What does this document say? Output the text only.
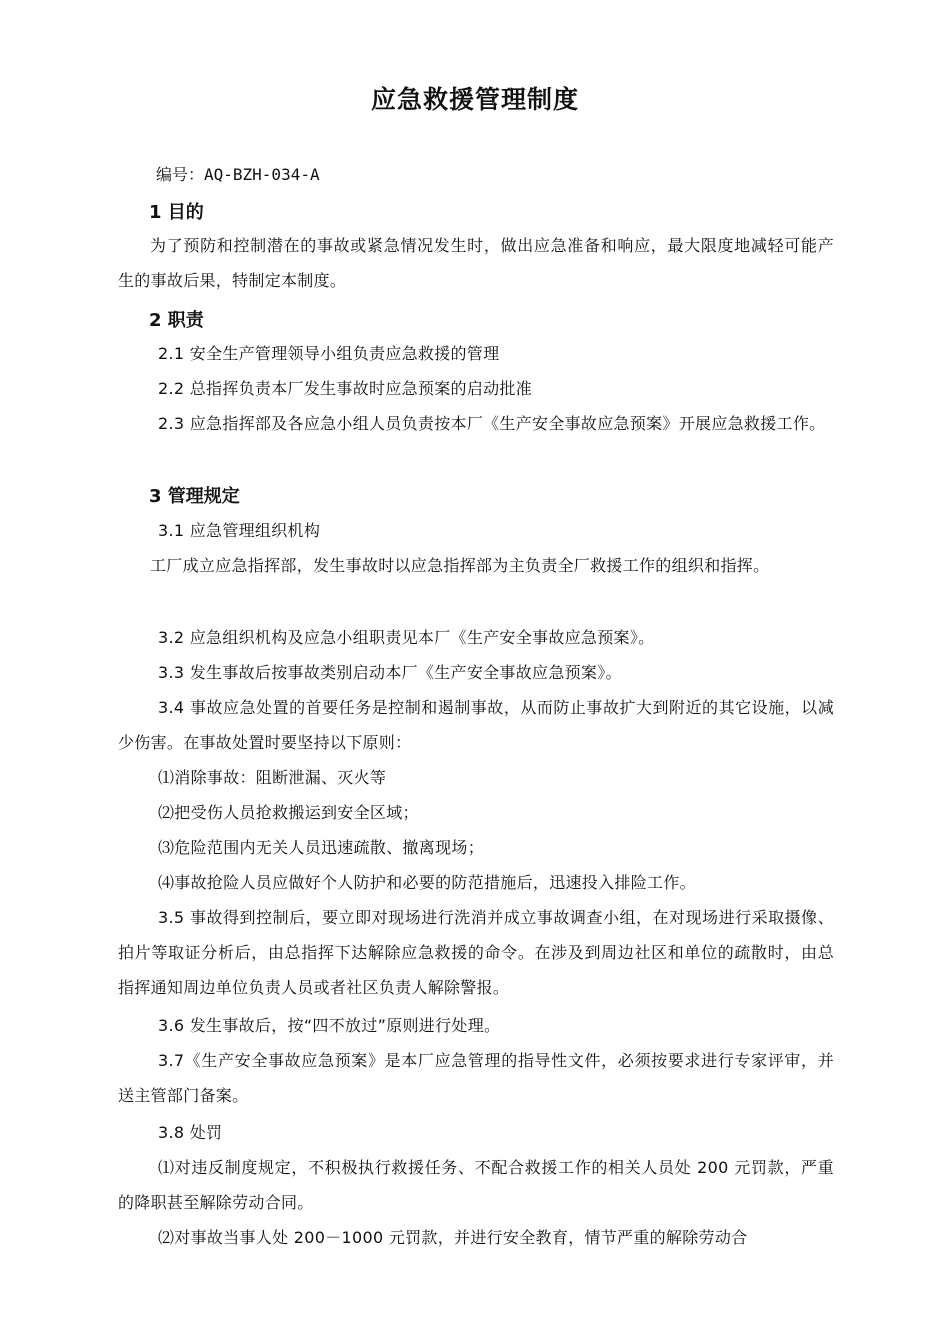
应急救援管理制度
编号：AQ-BZH-034-A
1 目的
为了预防和控制潜在的事故或紧急情况发生时，做出应急准备和响应，最大限度地减轻可能产生的事故后果，特制定本制度。
2 职责
2.1 安全生产管理领导小组负责应急救援的管理
2.2 总指挥负责本厂发生事故时应急预案的启动批准
2.3 应急指挥部及各应急小组人员负责按本厂《生产安全事故应急预案》开展应急救援工作。
3 管理规定
3.1 应急管理组织机构
工厂成立应急指挥部，发生事故时以应急指挥部为主负责全厂救援工作的组织和指挥。
3.2 应急组织机构及应急小组职责见本厂《生产安全事故应急预案》。
3.3 发生事故后按事故类别启动本厂《生产安全事故应急预案》。
3.4 事故应急处置的首要任务是控制和遏制事故，从而防止事故扩大到附近的其它设施，以减少伤害。在事故处置时要坚持以下原则：
⑴消除事故：阻断泄漏、灭火等
⑵把受伤人员抢救搬运到安全区域；
⑶危险范围内无关人员迅速疏散、撤离现场；
⑷事故抢险人员应做好个人防护和必要的防范措施后，迅速投入排险工作。
3.5 事故得到控制后，要立即对现场进行洗消并成立事故调查小组，在对现场进行采取摄像、拍片等取证分析后，由总指挥下达解除应急救援的命令。在涉及到周边社区和单位的疏散时，由总指挥通知周边单位负责人员或者社区负责人解除警报。
3.6 发生事故后，按“四不放过”原则进行处理。
3.7《生产安全事故应急预案》是本厂应急管理的指导性文件，必须按要求进行专家评审，并送主管部门备案。
3.8 处罚
⑴对违反制度规定，不积极执行救援任务、不配合救援工作的相关人员处 200 元罚款，严重的降职甚至解除劳动合同。
⑵对事故当事人处 200－1000 元罚款，并进行安全教育，情节严重的解除劳动合
